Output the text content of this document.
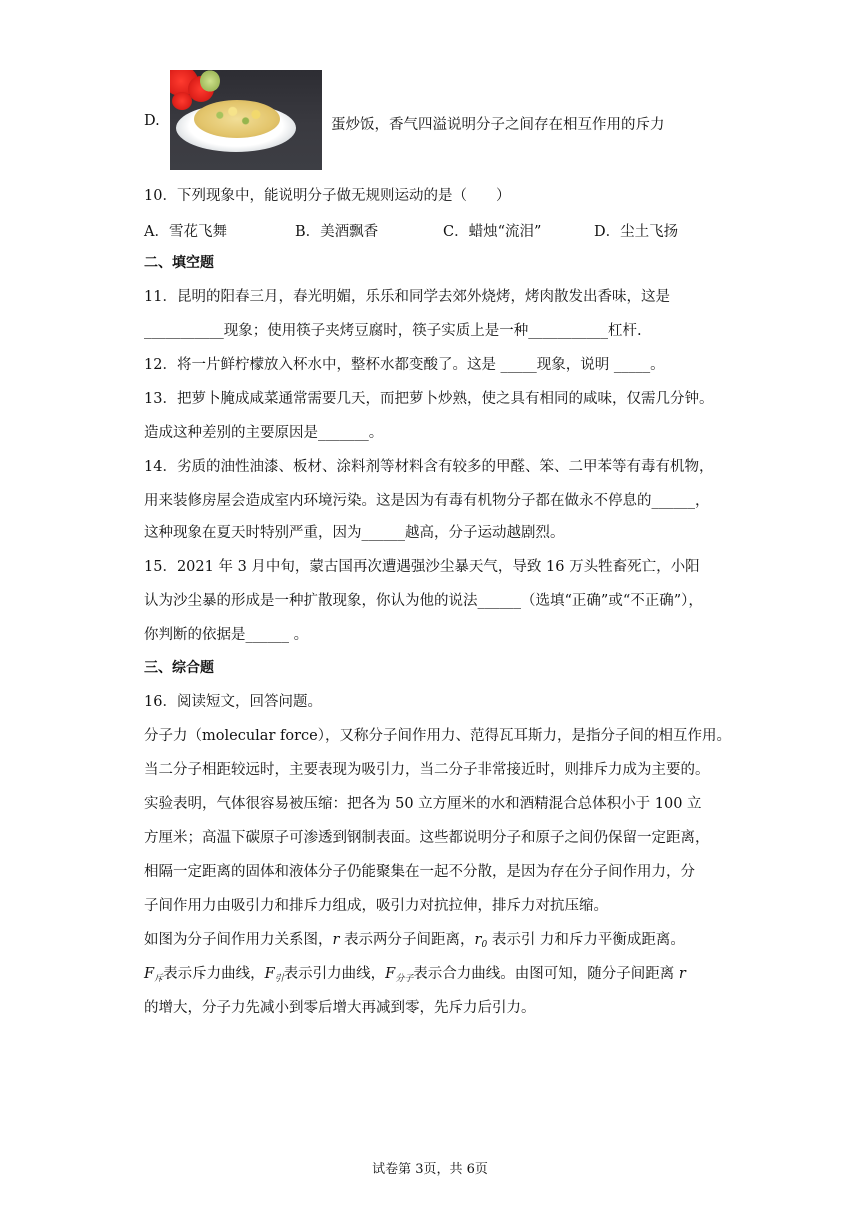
D.	蛋炒饭，香气四溢说明分子之间存在相互作用的斥力
10．下列现象中，能说明分子做无规则运动的是（　　）
A．雪花飞舞	B．美酒飘香	C．蜡烛“流泪”	D．尘土飞扬
二、填空题
11．昆明的阳春三月，春光明媚，乐乐和同学去郊外烧烤，烤肉散发出香味，这是
___________现象；使用筷子夹烤豆腐时，筷子实质上是一种___________杠杆.
12．将一片鲜柠檬放入杯水中，整杯水都变酸了。这是 _____现象，说明 _____。
13．把萝卜腌成咸菜通常需要几天，而把萝卜炒熟，使之具有相同的咸味，仅需几分钟。
造成这种差别的主要原因是_______。
14．劣质的油性油漆、板材、涂料剂等材料含有较多的甲醛、笨、二甲苯等有毒有机物，
用来装修房屋会造成室内环境污染。这是因为有毒有机物分子都在做永不停息的______，
这种现象在夏天时特别严重，因为______越高，分子运动越剧烈。
15．2021 年 3 月中旬，蒙古国再次遭遇强沙尘暴天气，导致 16 万头牲畜死亡，小阳
认为沙尘暴的形成是一种扩散现象，你认为他的说法______（选填“正确”或“不正确”），
你判断的依据是______ 。
三、综合题
16．阅读短文，回答问题。
分子力（molecular force），又称分子间作用力、范得瓦耳斯力，是指分子间的相互作用。
当二分子相距较远时，主要表现为吸引力，当二分子非常接近时，则排斥力成为主要的。
实验表明，气体很容易被压缩：把各为 50 立方厘米的水和酒精混合总体积小于 100 立
方厘米；高温下碳原子可渗透到钢制表面。这些都说明分子和原子之间仍保留一定距离，
相隔一定距离的固体和液体分子仍能聚集在一起不分散，是因为存在分子间作用力，分
子间作用力由吸引力和排斥力组成，吸引力对抗拉伸，排斥力对抗压缩。
如图为分子间作用力关系图，r 表示两分子间距离，$r_0$ 表示引 力和斥力平衡成距离。
$F_斥$表示斥力曲线，$F_引$表示引力曲线，$F_{分子}$表示合力曲线。由图可知，随分子间距离 r
的增大，分子力先减小到零后增大再减到零，先斥力后引力。
试卷第 3页，共 6页
